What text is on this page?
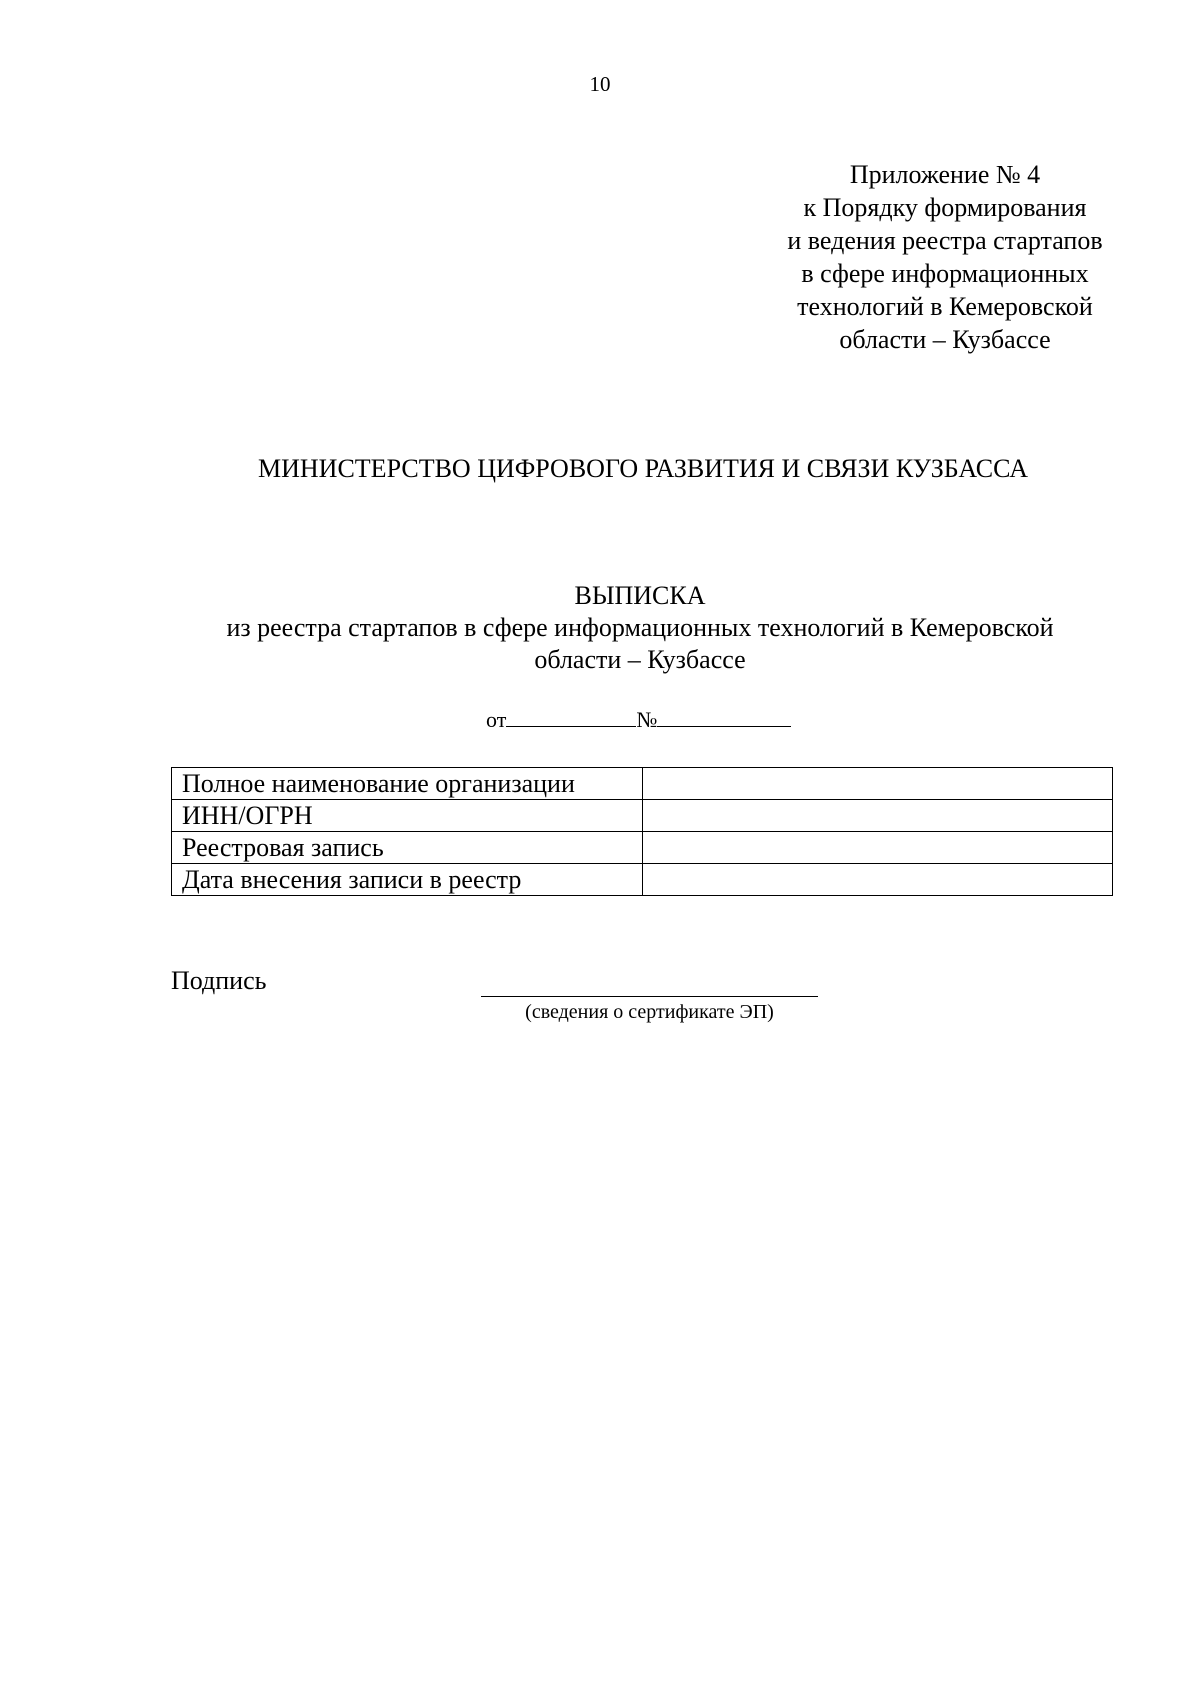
10
Приложение № 4
к Порядку формирования
и ведения реестра стартапов
в сфере информационных
технологий в Кемеровской
области – Кузбассе
МИНИСТЕРСТВО ЦИФРОВОГО РАЗВИТИЯ И СВЯЗИ КУЗБАССА
ВЫПИСКА
из реестра стартапов в сфере информационных технологий в Кемеровской
области – Кузбассе
от	№
Полное наименование организации	
ИНН/ОГРН	
Реестровая запись	
Дата внесения записи в реестр	
Подпись
(сведения о сертификате ЭП)
